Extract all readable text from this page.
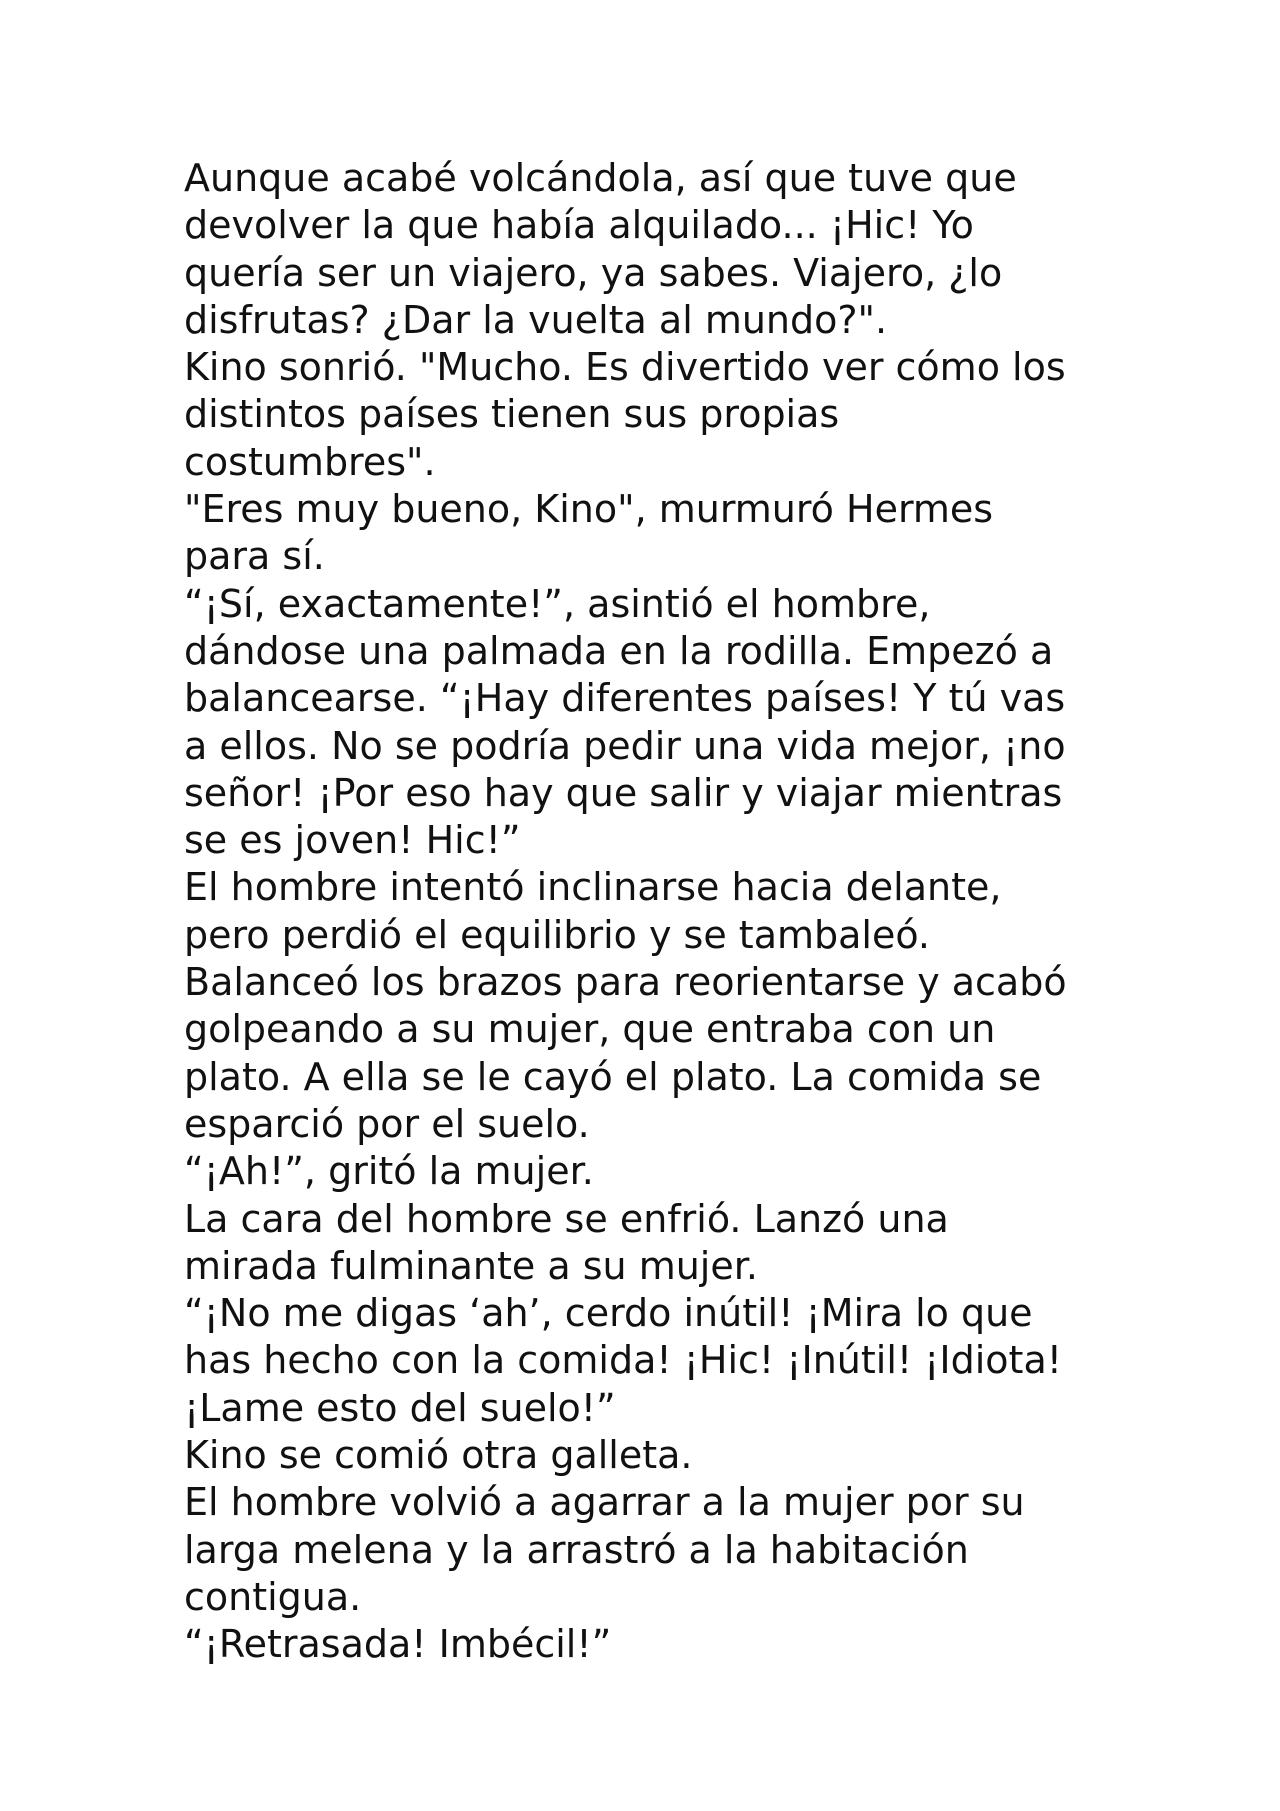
Aunque acabé volcándola, así que tuve que
devolver la que había alquilado... ¡Hic! Yo
quería ser un viajero, ya sabes. Viajero, ¿lo
disfrutas? ¿Dar la vuelta al mundo?".
Kino sonrió. "Mucho. Es divertido ver cómo los
distintos países tienen sus propias
costumbres".
"Eres muy bueno, Kino", murmuró Hermes
para sí.
“¡Sí, exactamente!”, asintió el hombre,
dándose una palmada en la rodilla. Empezó a
balancearse. “¡Hay diferentes países! Y tú vas
a ellos. No se podría pedir una vida mejor, ¡no
señor! ¡Por eso hay que salir y viajar mientras
se es joven! Hic!”
El hombre intentó inclinarse hacia delante,
pero perdió el equilibrio y se tambaleó.
Balanceó los brazos para reorientarse y acabó
golpeando a su mujer, que entraba con un
plato. A ella se le cayó el plato. La comida se
esparció por el suelo.
“¡Ah!”, gritó la mujer.
La cara del hombre se enfrió. Lanzó una
mirada fulminante a su mujer.
“¡No me digas ‘ah’, cerdo inútil! ¡Mira lo que
has hecho con la comida! ¡Hic! ¡Inútil! ¡Idiota!
¡Lame esto del suelo!”
Kino se comió otra galleta.
El hombre volvió a agarrar a la mujer por su
larga melena y la arrastró a la habitación
contigua.
“¡Retrasada! Imbécil!”
